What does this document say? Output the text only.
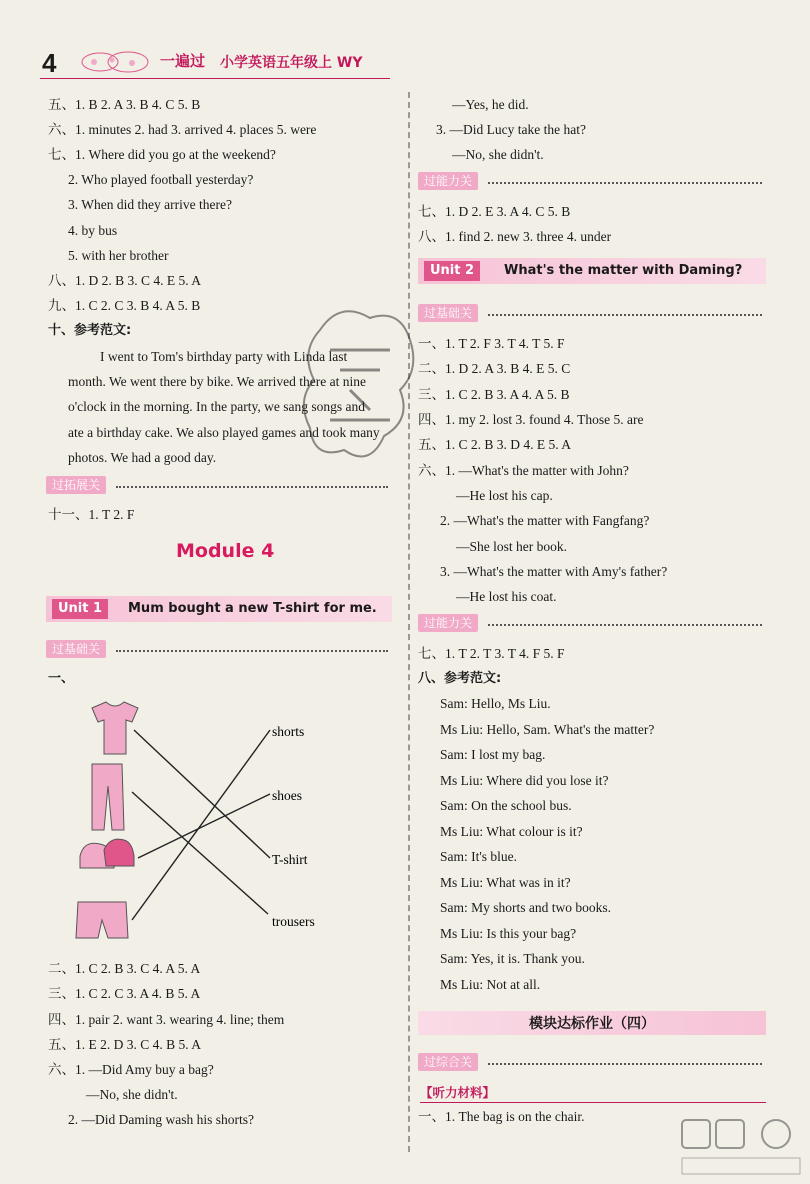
4	一遍过 小学英语五年级上 WY
五、1. B 2. A 3. B 4. C 5. B
六、1. minutes 2. had 3. arrived 4. places 5. were
七、1. Where did you go at the weekend?
2. Who played football yesterday?
3. When did they arrive there?
4. by bus
5. with her brother
八、1. D 2. B 3. C 4. E 5. A
九、1. C 2. C 3. B 4. A 5. B
I went to Tom's birthday party with Linda last
month. We went there by bike. We arrived there at nine
o'clock in the morning. In the party, we sang songs and
ate a birthday cake. We also played games and took many
photos. We had a good day.
十一、1. T 2. F
二、1. C 2. B 3. C 4. A 5. A
三、1. C 2. C 3. A 4. B 5. A
四、1. pair 2. want 3. wearing 4. line; them
五、1. E 2. D 3. C 4. B 5. A
六、1. —Did Amy buy a bag?
—No, she didn't.
2. —Did Daming wash his shorts?
过拓展关
过基础关
十、参考范文:
Module 4
Unit 1	Mum bought a new T-shirt for me.
一、
shorts
shoes
T-shirt
trousers
—Yes, he did.
3. —Did Lucy take the hat?
—No, she didn't.
七、1. D 2. E 3. A 4. C 5. B
八、1. find 2. new 3. three 4. under
一、1. T 2. F 3. T 4. T 5. F
二、1. D 2. A 3. B 4. E 5. C
三、1. C 2. B 3. A 4. A 5. B
四、1. my 2. lost 3. found 4. Those 5. are
五、1. C 2. B 3. D 4. E 5. A
六、1. —What's the matter with John?
—He lost his cap.
2. —What's the matter with Fangfang?
—She lost her book.
3. —What's the matter with Amy's father?
—He lost his coat.
七、1. T 2. T 3. T 4. F 5. F
Sam: Hello, Ms Liu.
Ms Liu: Hello, Sam. What's the matter?
Sam: I lost my bag.
Ms Liu: Where did you lose it?
Sam: On the school bus.
Ms Liu: What colour is it?
Sam: It's blue.
Ms Liu: What was in it?
Sam: My shorts and two books.
Ms Liu: Is this your bag?
Sam: Yes, it is. Thank you.
Ms Liu: Not at all.
一、1. The bag is on the chair.
过能力关
过基础关
过能力关
过综合关
Unit 2	What's the matter with Daming?
八、参考范文:
模块达标作业（四）
【听力材料】
